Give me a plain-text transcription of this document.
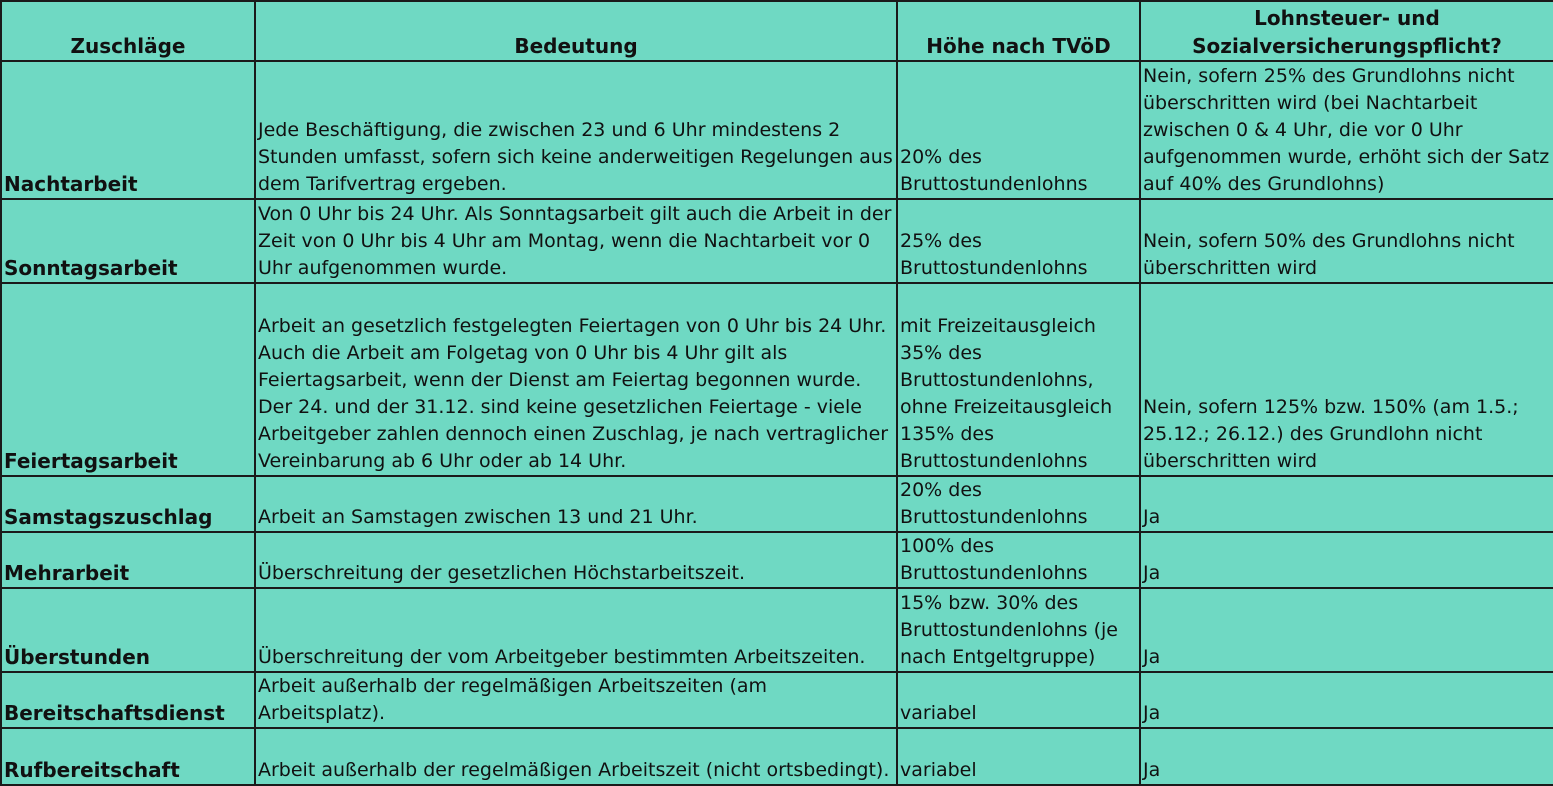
Zuschläge	Bedeutung	Höhe nach TVöD	Lohnsteuer- und
Sozialversicherungspflicht?

Nachtarbeit	Jede Beschäftigung, die zwischen 23 und 6 Uhr mindestens 2 Stunden umfasst, sofern sich keine anderweitigen Regelungen aus dem Tarifvertrag ergeben.	20% des Bruttostundenlohns	Nein, sofern 25% des Grundlohns nicht überschritten wird (bei Nachtarbeit zwischen 0 & 4 Uhr, die vor 0 Uhr aufgenommen wurde, erhöht sich der Satz auf 40% des Grundlohns)
Sonntagsarbeit	Von 0 Uhr bis 24 Uhr. Als Sonntagsarbeit gilt auch die Arbeit in der Zeit von 0 Uhr bis 4 Uhr am Montag, wenn die Nachtarbeit vor 0 Uhr aufgenommen wurde.	25% des Bruttostundenlohns	Nein, sofern 50% des Grundlohns nicht überschritten wird
Feiertagsarbeit	Arbeit an gesetzlich festgelegten Feiertagen von 0 Uhr bis 24 Uhr. Auch die Arbeit am Folgetag von 0 Uhr bis 4 Uhr gilt als Feiertagsarbeit, wenn der Dienst am Feiertag begonnen wurde. Der 24. und der 31.12. sind keine gesetzlichen Feiertage - viele Arbeitgeber zahlen dennoch einen Zuschlag, je nach vertraglicher Vereinbarung ab 6 Uhr oder ab 14 Uhr.	mit Freizeitausgleich 35% des Bruttostundenlohns, ohne Freizeitausgleich 135% des Bruttostundenlohns	Nein, sofern 125% bzw. 150% (am 1.5.; 25.12.; 26.12.) des Grundlohn nicht überschritten wird
Samstagszuschlag	Arbeit an Samstagen zwischen 13 und 21 Uhr.	20% des Bruttostundenlohns	Ja
Mehrarbeit	Überschreitung der gesetzlichen Höchstarbeitszeit.	100% des Bruttostundenlohns	Ja
Überstunden	Überschreitung der vom Arbeitgeber bestimmten Arbeitszeiten.	15% bzw. 30% des Bruttostundenlohns (je nach Entgeltgruppe)	Ja
Bereitschaftsdienst	Arbeit außerhalb der regelmäßigen Arbeitszeiten (am Arbeitsplatz).	variabel	Ja
Rufbereitschaft	Arbeit außerhalb der regelmäßigen Arbeitszeit (nicht ortsbedingt).	variabel	Ja
